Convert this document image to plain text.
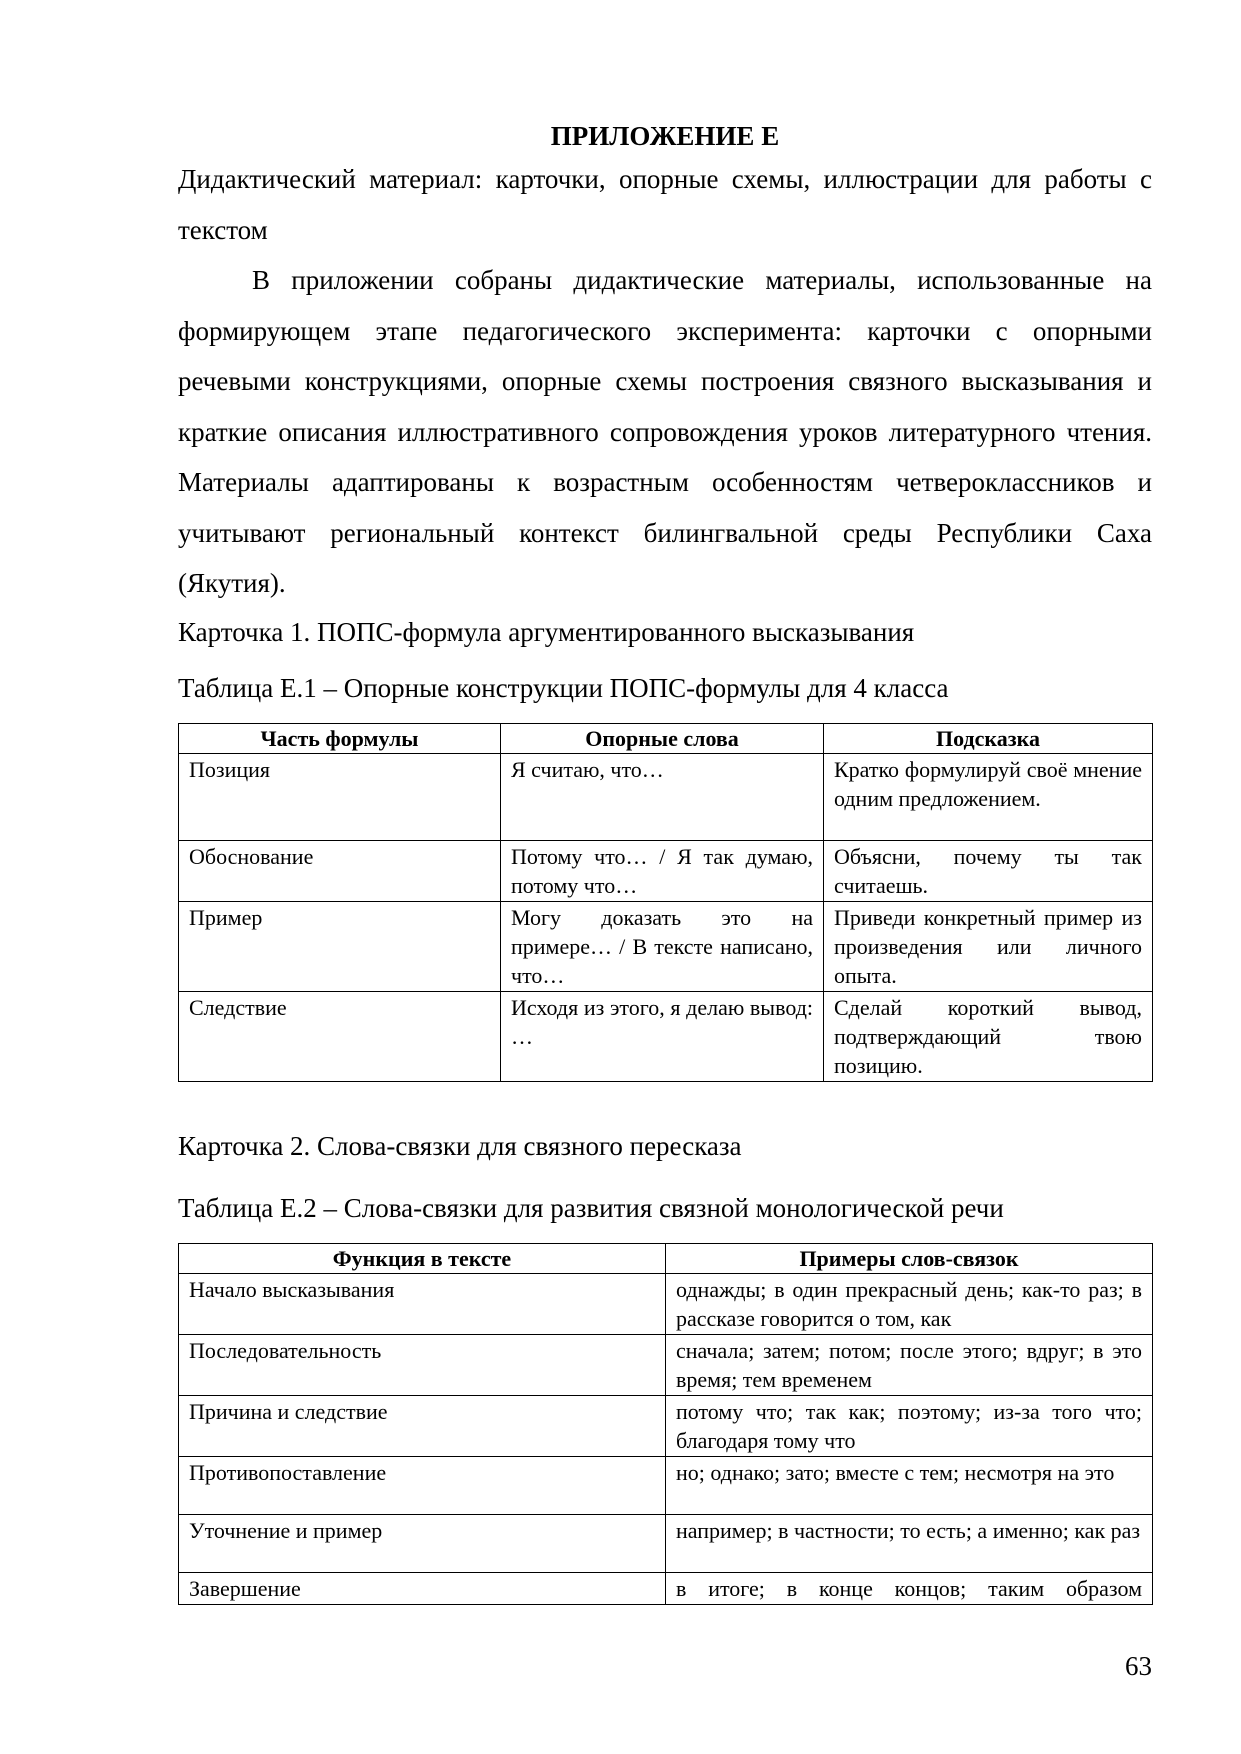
ПРИЛОЖЕНИЕ Е

Дидактический материал: карточки, опорные схемы, иллюстрации для работы с текстом

В приложении собраны дидактические материалы, использованные на формирующем этапе педагогического эксперимента: карточки с опорными речевыми конструкциями, опорные схемы построения связного высказывания и краткие описания иллюстративного сопровождения уроков литературного чтения. Материалы адаптированы к возрастным особенностям четвероклассников и учитывают региональный контекст билингвальной среды Республики Саха (Якутия).

Карточка 1. ПОПС-формула аргументированного высказывания

Таблица Е.1 – Опорные конструкции ПОПС-формулы для 4 класса

Часть формулы	Опорные слова	Подсказка
Позиция	Я считаю, что…	Кратко формулируй своё мнение одним предложением.
Обоснование	Потому что… / Я так думаю, потому что…	Объясни, почему ты так считаешь.
Пример	Могу доказать это на примере… / В тексте написано, что…	Приведи конкретный пример из произведения или личного опыта.
Следствие	Исходя из этого, я делаю вывод: …	Сделай короткий вывод, подтверждающий твою позицию.

Карточка 2. Слова-связки для связного пересказа

Таблица Е.2 – Слова-связки для развития связной монологической речи

Функция в тексте	Примеры слов-связок
Начало высказывания	однажды; в один прекрасный день; как-то раз; в рассказе говорится о том, как
Последовательность	сначала; затем; потом; после этого; вдруг; в это время; тем временем
Причина и следствие	потому что; так как; поэтому; из-за того что; благодаря тому что
Противопоставление	но; однако; зато; вместе с тем; несмотря на это
Уточнение и пример	например; в частности; то есть; а именно; как раз
Завершение	в итоге; в конце концов; таким образом
63
